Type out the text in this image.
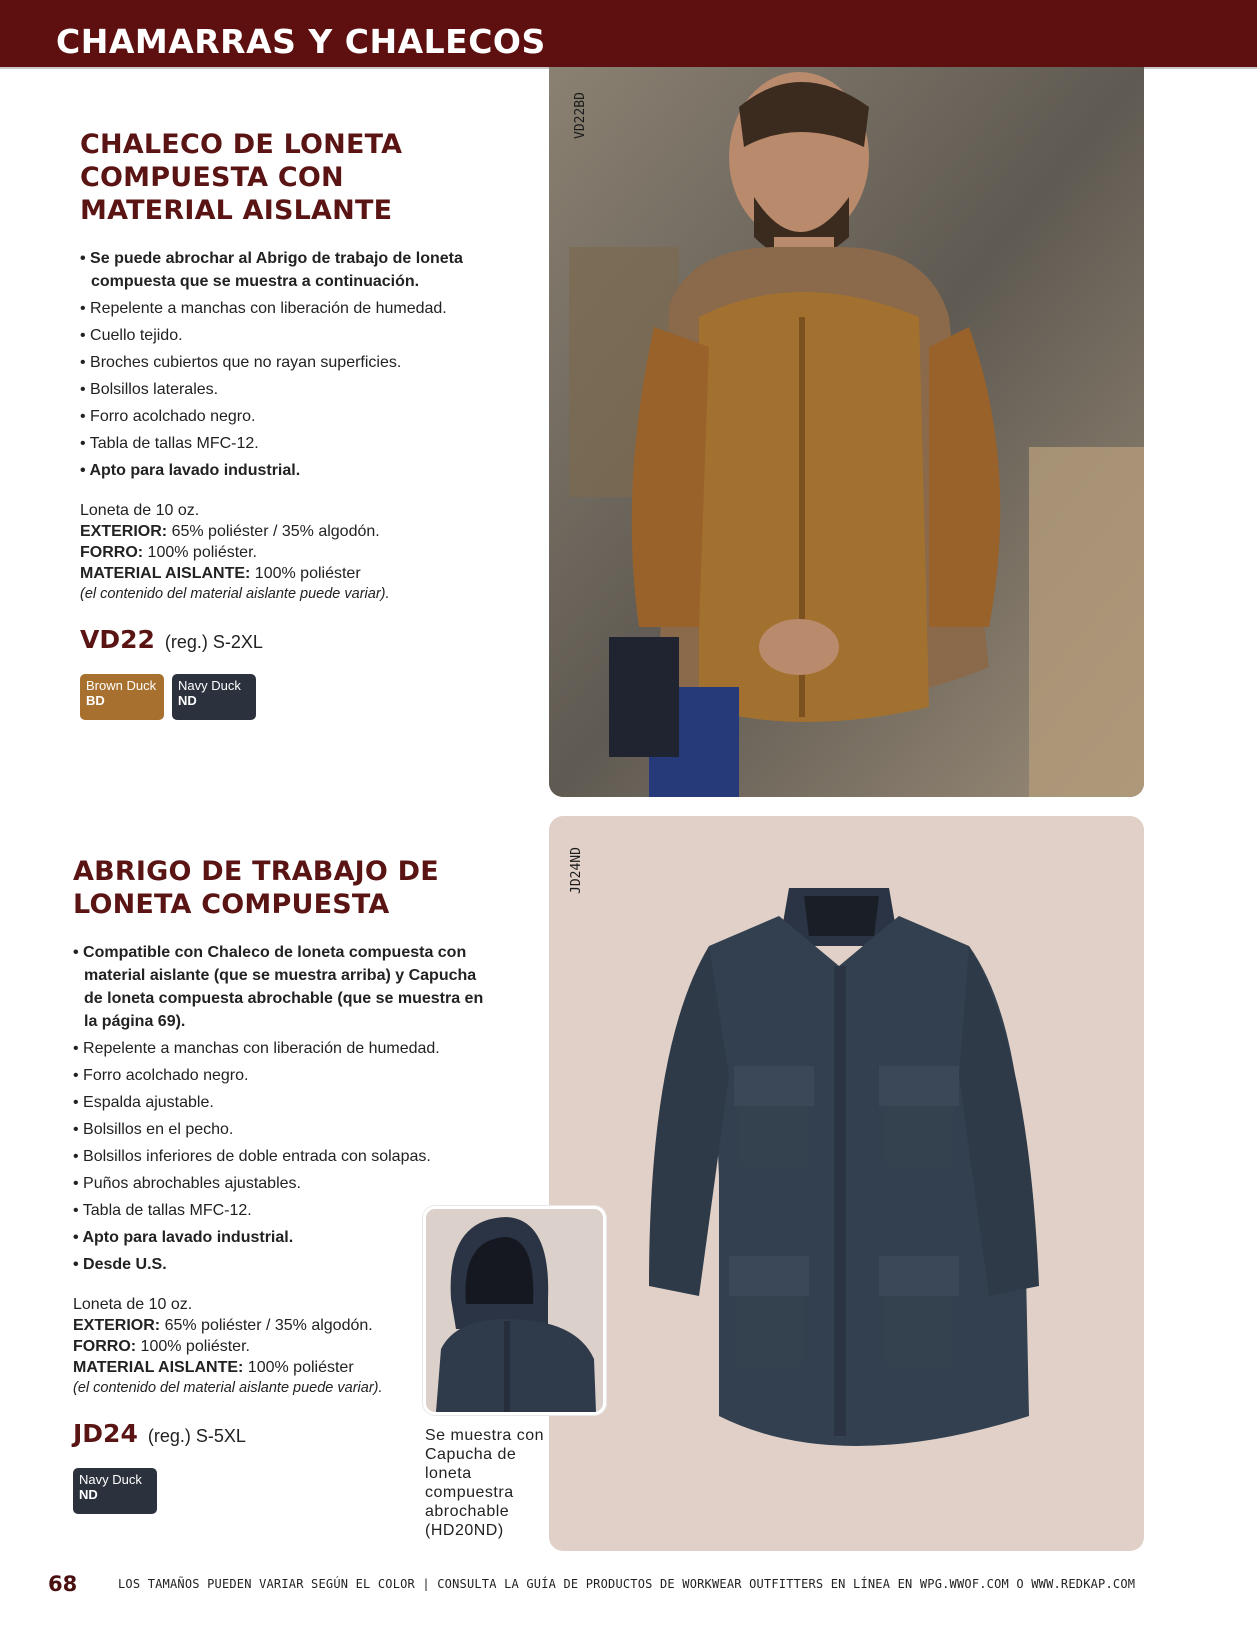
CHAMARRAS Y CHALECOS
CHALECO DE LONETA
COMPUESTA CON
MATERIAL AISLANTE
• Se puede abrochar al Abrigo de trabajo de loneta compuesta que se muestra a continuación.
• Repelente a manchas con liberación de humedad.
• Cuello tejido.
• Broches cubiertos que no rayan superficies.
• Bolsillos laterales.
• Forro acolchado negro.
• Tabla de tallas MFC-12.
• Apto para lavado industrial.
Loneta de 10 oz.
EXTERIOR: 65% poliéster / 35% algodón.
FORRO: 100% poliéster.
MATERIAL AISLANTE: 100% poliéster
(el contenido del material aislante puede variar).
VD22 (reg.) S-2XL
Brown Duck
BD
Navy Duck
ND
VD22BD
ABRIGO DE TRABAJO DE
LONETA COMPUESTA
• Compatible con Chaleco de loneta compuesta con material aislante (que se muestra arriba) y Capucha de loneta compuesta abrochable (que se muestra en la página 69).
• Repelente a manchas con liberación de humedad.
• Forro acolchado negro.
• Espalda ajustable.
• Bolsillos en el pecho.
• Bolsillos inferiores de doble entrada con solapas.
• Puños abrochables ajustables.
• Tabla de tallas MFC-12.
• Apto para lavado industrial.
• Desde U.S.
Loneta de 10 oz.
EXTERIOR: 65% poliéster / 35% algodón.
FORRO: 100% poliéster.
MATERIAL AISLANTE: 100% poliéster
(el contenido del material aislante puede variar).
JD24 (reg.) S-5XL
Navy Duck
ND
JD24ND
Se muestra con Capucha de loneta compuestra abrochable (HD20ND)
68	LOS TAMAÑOS PUEDEN VARIAR SEGÚN EL COLOR | CONSULTA LA GUÍA DE PRODUCTOS DE WORKWEAR OUTFITTERS EN LÍNEA EN WPG.WWOF.COM O WWW.REDKAP.COM
